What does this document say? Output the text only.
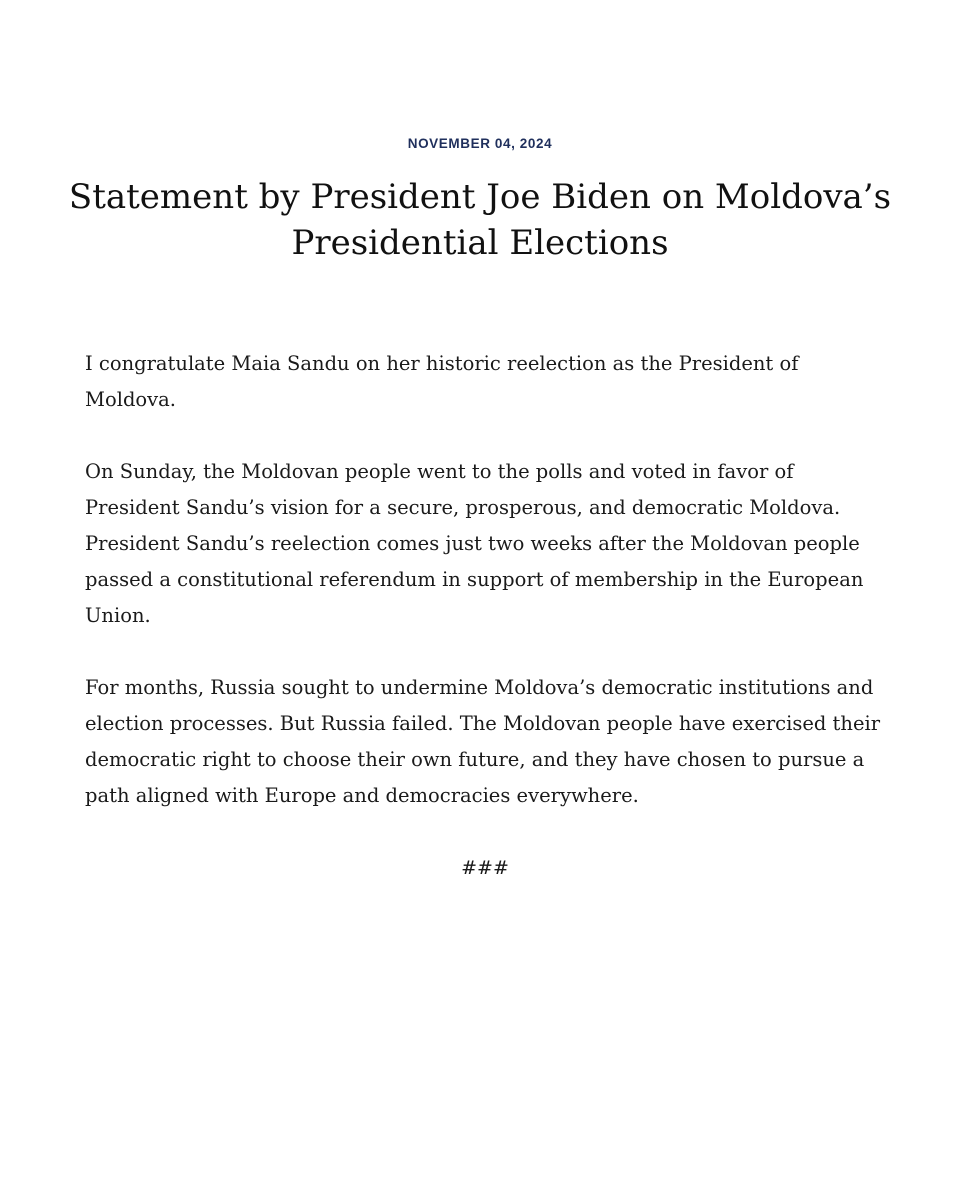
NOVEMBER 04, 2024
Statement by President Joe Biden on Moldova’s
Presidential Elections

I congratulate Maia Sandu on her historic reelection as the President of Moldova.

On Sunday, the Moldovan people went to the polls and voted in favor of President Sandu’s vision for a secure, prosperous, and democratic Moldova. President Sandu’s reelection comes just two weeks after the Moldovan people passed a constitutional referendum in support of membership in the European Union.

For months, Russia sought to undermine Moldova’s democratic institutions and election processes. But Russia failed. The Moldovan people have exercised their democratic right to choose their own future, and they have chosen to pursue a path aligned with Europe and democracies everywhere.

###
